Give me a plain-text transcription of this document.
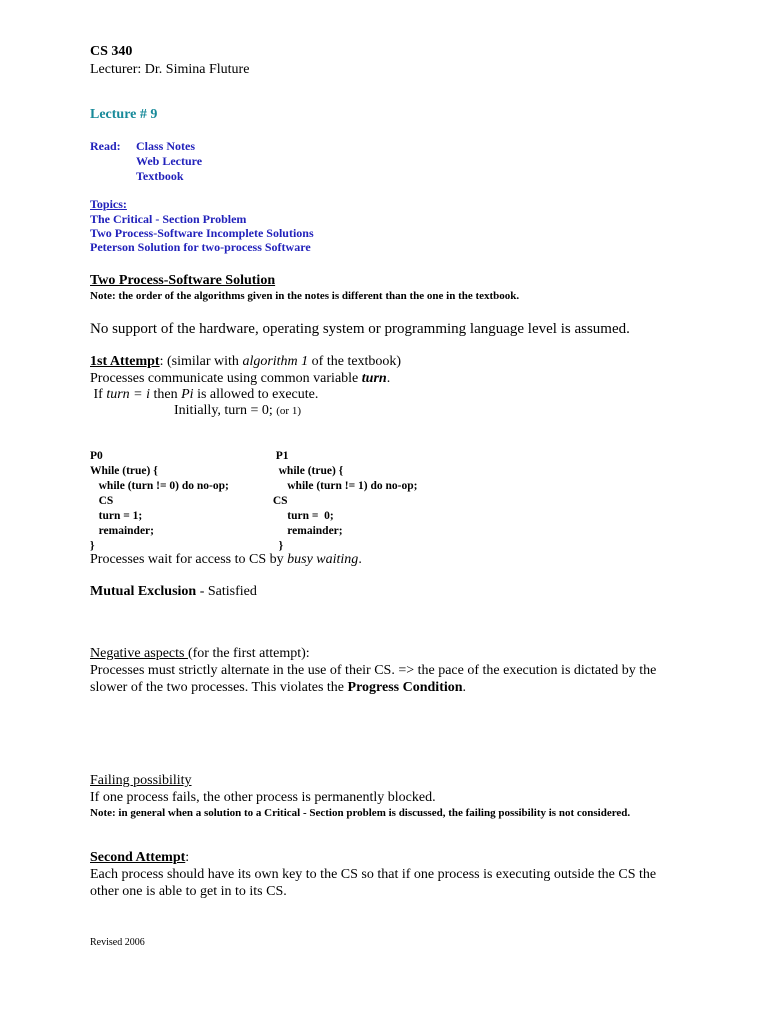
CS 340
Lecturer: Dr. Simina Fluture
Lecture # 9
Read: Class Notes
Web Lecture
Textbook
Topics:
The Critical - Section Problem
Two Process-Software Incomplete Solutions
Peterson Solution for two-process Software
Two Process-Software Solution
Note: the order of the algorithms given in the notes is different than the one in the textbook.
No support of the hardware, operating system or programming language level is assumed.
1st Attempt: (similar with algorithm 1 of the textbook)
Processes communicate using common variable turn.
If turn = i then Pi is allowed to execute.
Initially, turn = 0; (or 1)

P0
While (true) {
while (turn != 0) do no-op;
CS
turn = 1;
remainder;
}

P1
while (true) {
while (turn != 1) do no-op;
CS
turn =  0;
remainder;
}

Processes wait for access to CS by busy waiting.
Mutual Exclusion - Satisfied
Negative aspects (for the first attempt):
Processes must strictly alternate in the use of their CS. => the pace of the execution is dictated by the slower of the two processes. This violates the Progress Condition.
Failing possibility
If one process fails, the other process is permanently blocked.
Note: in general when a solution to a Critical - Section problem is discussed, the failing possibility is not considered.
Second Attempt:
Each process should have its own key to the CS so that if one process is executing outside the CS the other one is able to get in to its CS.
Revised 2006
